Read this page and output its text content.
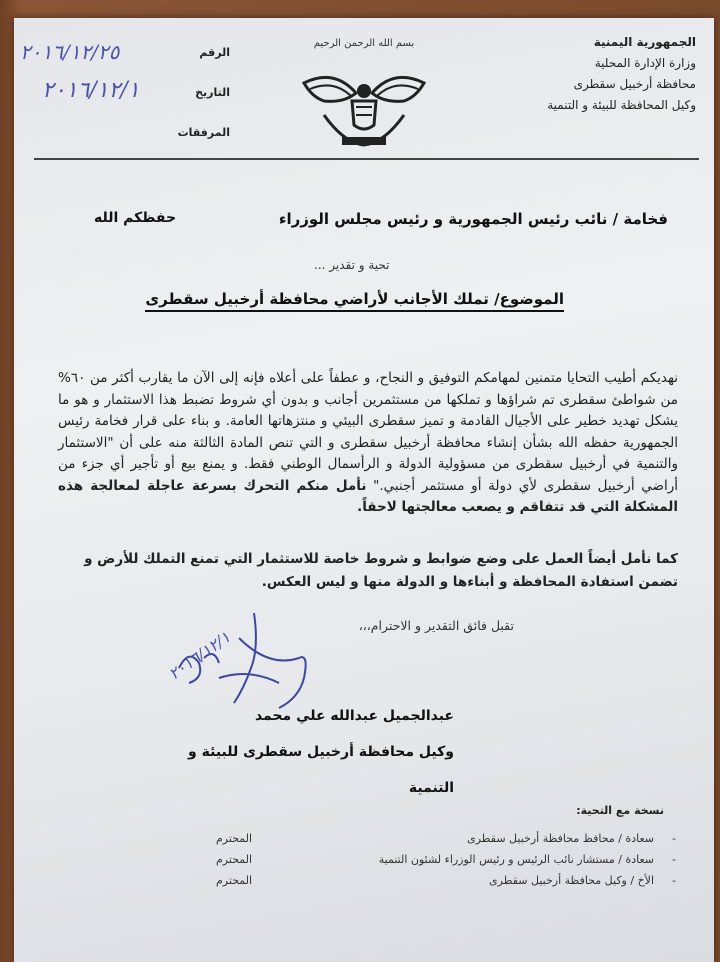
الجمهورية اليمنية
وزارة الإدارة المحلية
محافظة أرخبيل سقطرى
وكيل المحافظة للبيئة و التنمية
بسم الله الرحمن الرحيم
الرقم
٢٠١٦/١٢/٢٥
التاريخ
٢٠١٦/١٢/١
المرفقات
فخامة / نائب رئيس الجمهورية و رئيس مجلس الوزراء
حفظكم الله
تحية و تقدير ...
الموضوع/ تملك الأجانب لأراضي محافظة أرخبيل سقطرى
نهديكم أطيب التحايا متمنين لمهامكم التوفيق و النجاح، و عطفاً على أعلاه فإنه إلى الآن ما يقارب أكثر من ٦٠% من شواطئ سقطرى تم شراؤها و تملكها من مستثمرين أجانب و بدون أي شروط تضبط هذا الاستثمار و هو ما يشكل تهديد خطير على الأجيال القادمة و تميز سقطرى البيئي و منتزهاتها العامة. و بناء على قرار فخامة رئيس الجمهورية حفظه الله بشأن إنشاء محافظة أرخبيل سقطرى و التي تنص المادة الثالثة منه على أن "الاستثمار والتنمية في أرخبيل سقطرى من مسؤولية الدولة و الرأسمال الوطني فقط. و يمنع بيع أو تأجير أي جزء من أراضي أرخبيل سقطرى لأي دولة أو مستثمر أجنبي." نأمل منكم التحرك بسرعة عاجلة لمعالجة هذه المشكلة التي قد تتفاقم و يصعب معالجتها لاحقاً.
كما نأمل أيضاً العمل على وضع ضوابط و شروط خاصة للاستثمار التي تمنع التملك للأرض و تضمن استفادة المحافظة و أبناءها و الدولة منها و ليس العكس.
تقبل فائق التقدير و الاحترام،،،
٢٠١٦/١٢/١
عبدالجميل عبدالله علي محمد
وكيل محافظة أرخبيل سقطرى للبيئة و التنمية
نسخة مع التحية:
-
سعادة / محافظ محافظة أرخبيل سقطرى
المحترم
-
سعادة / مستشار نائب الرئيس و رئيس الوزراء لشئون التنمية
المحترم
-
الأخ / وكيل محافظة أرخبيل سقطرى
المحترم
